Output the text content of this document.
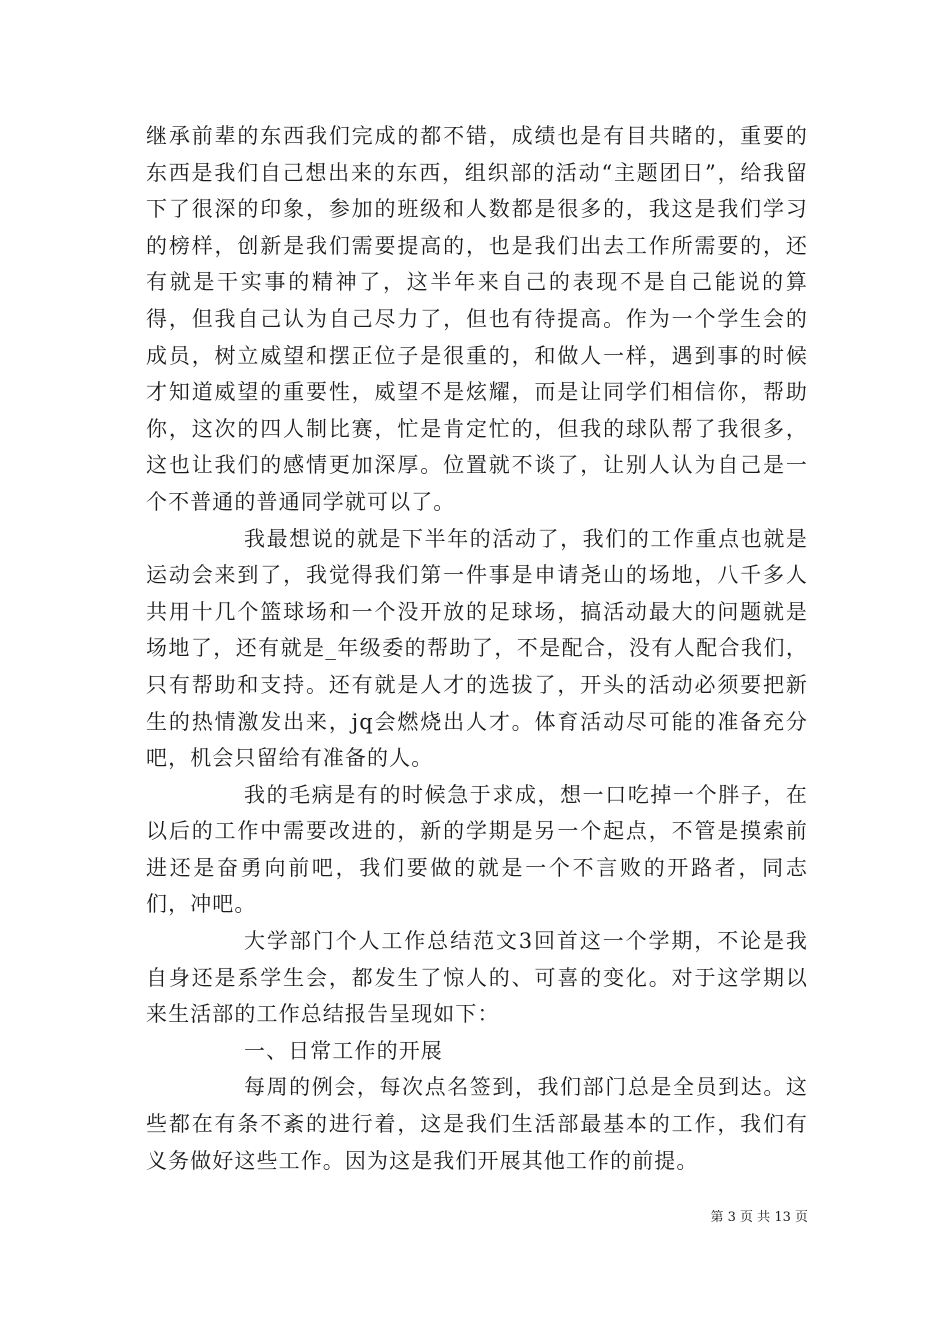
继承前辈的东西我们完成的都不错，成绩也是有目共睹的，重要的东西是我们自己想出来的东西，组织部的活动“主题团日”，给我留下了很深的印象，参加的班级和人数都是很多的，我这是我们学习的榜样，创新是我们需要提高的，也是我们出去工作所需要的，还有就是干实事的精神了，这半年来自己的表现不是自己能说的算得，但我自己认为自己尽力了，但也有待提高。作为一个学生会的成员，树立威望和摆正位子是很重的，和做人一样，遇到事的时候才知道威望的重要性，威望不是炫耀，而是让同学们相信你，帮助你，这次的四人制比赛，忙是肯定忙的，但我的球队帮了我很多，这也让我们的感情更加深厚。位置就不谈了，让别人认为自己是一个不普通的普通同学就可以了。

我最想说的就是下半年的活动了，我们的工作重点也就是运动会来到了，我觉得我们第一件事是申请尧山的场地，八千多人共用十几个篮球场和一个没开放的足球场，搞活动最大的问题就是场地了，还有就是_年级委的帮助了，不是配合，没有人配合我们，只有帮助和支持。还有就是人才的选拔了，开头的活动必须要把新生的热情激发出来，jq会燃烧出人才。体育活动尽可能的准备充分吧，机会只留给有准备的人。

我的毛病是有的时候急于求成，想一口吃掉一个胖子，在以后的工作中需要改进的，新的学期是另一个起点，不管是摸索前进还是奋勇向前吧，我们要做的就是一个不言败的开路者，同志们，冲吧。

大学部门个人工作总结范文3回首这一个学期，不论是我自身还是系学生会，都发生了惊人的、可喜的变化。对于这学期以来生活部的工作总结报告呈现如下：

一、日常工作的开展

每周的例会，每次点名签到，我们部门总是全员到达。这些都在有条不紊的进行着，这是我们生活部最基本的工作，我们有义务做好这些工作。因为这是我们开展其他工作的前提。

第 3 页 共 13 页
